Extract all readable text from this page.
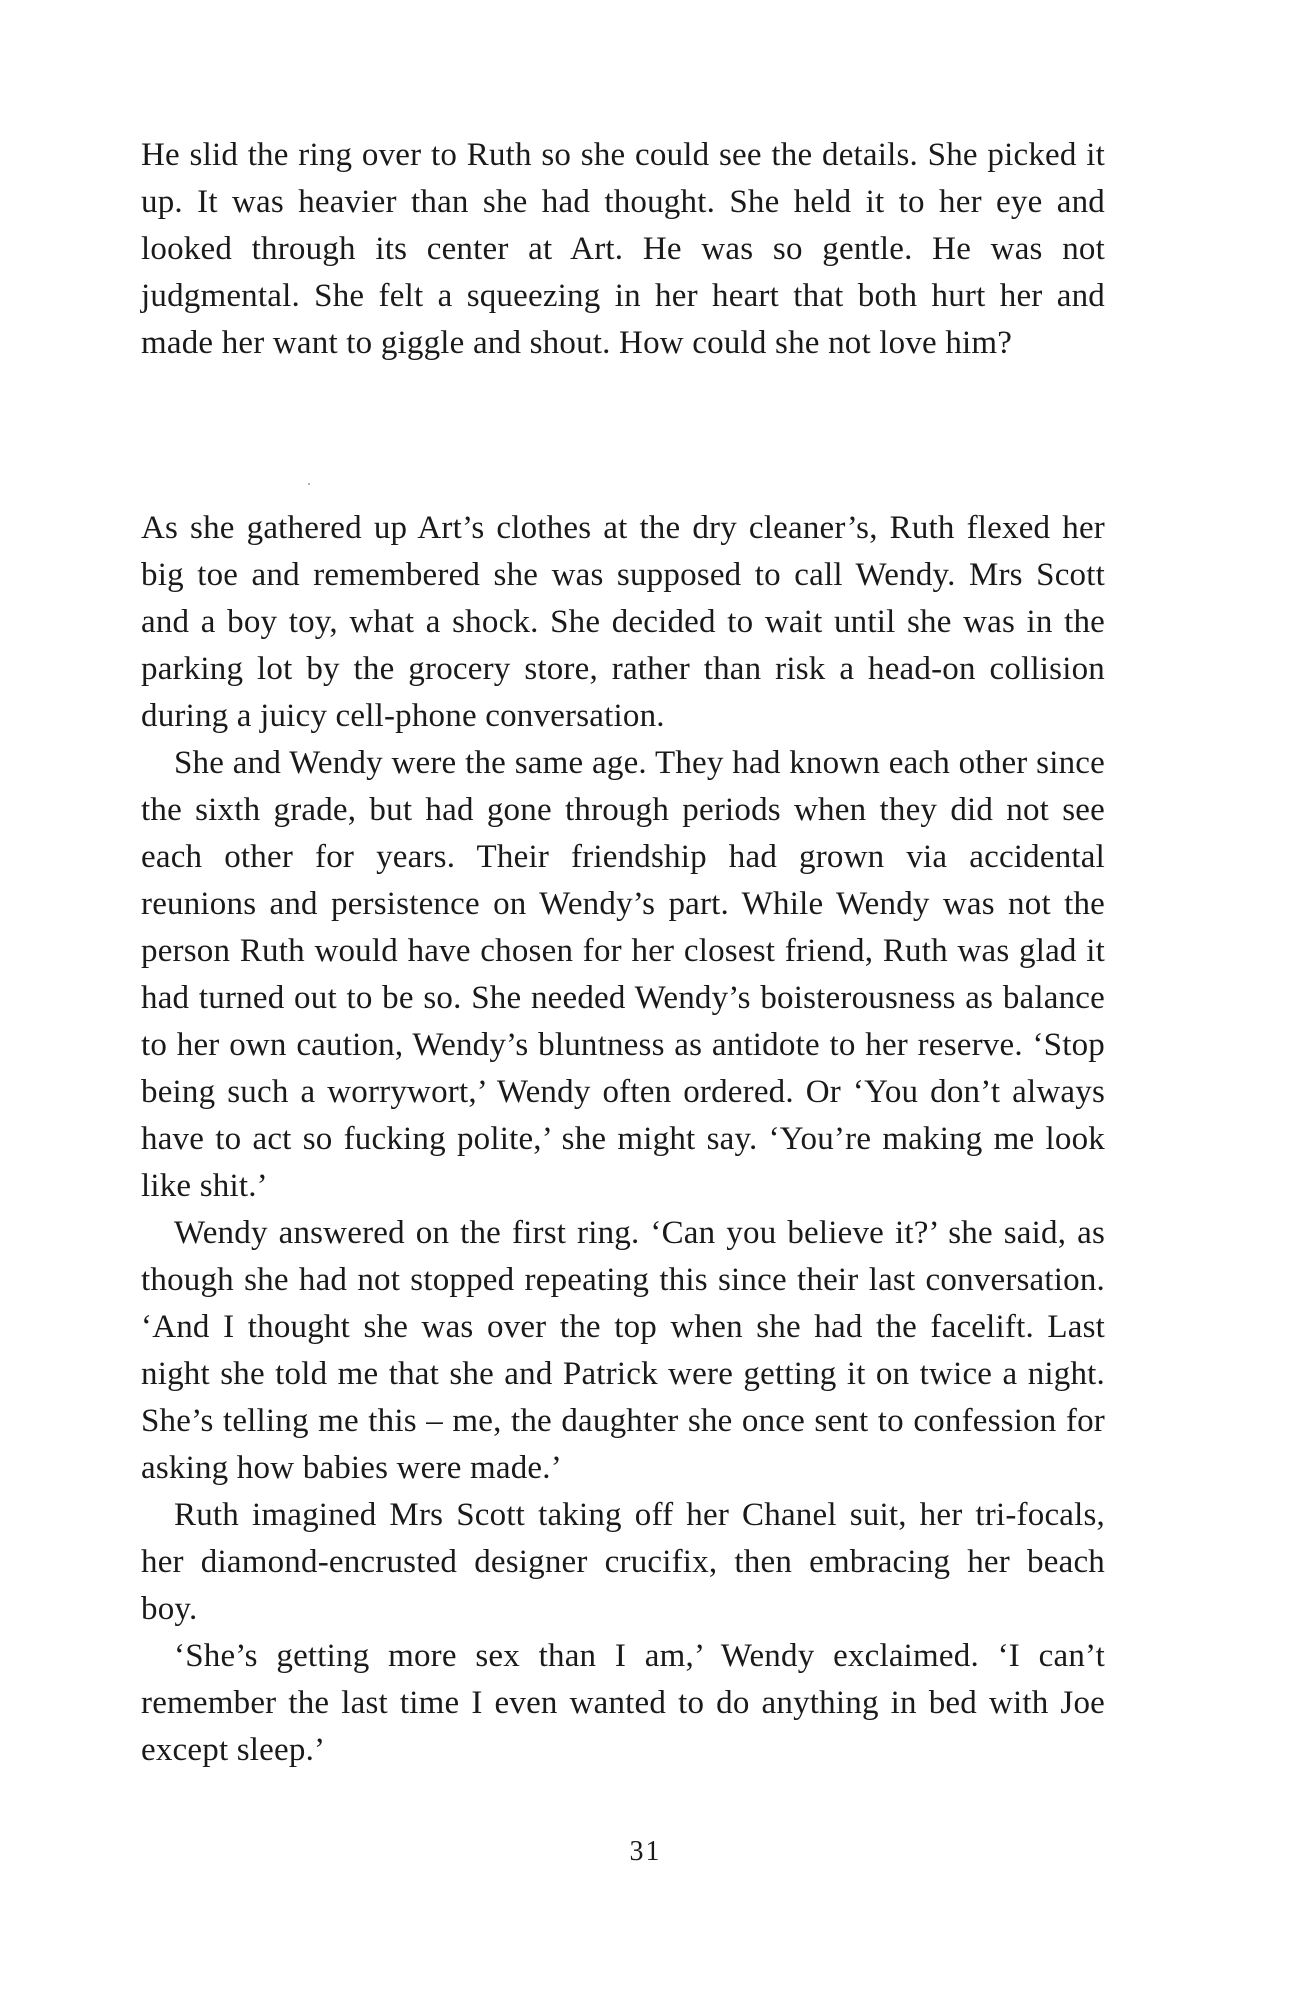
He slid the ring over to Ruth so she could see the details. She picked it up. It was heavier than she had thought. She held it to her eye and looked through its center at Art. He was so gentle. He was not judgmental. She felt a squeezing in her heart that both hurt her and made her want to giggle and shout. How could she not love him?

As she gathered up Art’s clothes at the dry cleaner’s, Ruth flexed her big toe and remembered she was supposed to call Wendy. Mrs Scott and a boy toy, what a shock. She decided to wait until she was in the parking lot by the grocery store, rather than risk a head-on collision during a juicy cell-phone conversation.

She and Wendy were the same age. They had known each other since the sixth grade, but had gone through periods when they did not see each other for years. Their friendship had grown via accidental reunions and persistence on Wendy’s part. While Wendy was not the person Ruth would have chosen for her closest friend, Ruth was glad it had turned out to be so. She needed Wendy’s boisterousness as balance to her own caution, Wendy’s bluntness as antidote to her reserve. ‘Stop being such a worrywort,’ Wendy often ordered. Or ‘You don’t always have to act so fucking polite,’ she might say. ‘You’re making me look like shit.’

Wendy answered on the first ring. ‘Can you believe it?’ she said, as though she had not stopped repeating this since their last conversation. ‘And I thought she was over the top when she had the facelift. Last night she told me that she and Patrick were getting it on twice a night. She’s telling me this – me, the daughter she once sent to confession for asking how babies were made.’

Ruth imagined Mrs Scott taking off her Chanel suit, her tri-focals, her diamond-encrusted designer crucifix, then embracing her beach boy.

‘She’s getting more sex than I am,’ Wendy exclaimed. ‘I can’t remember the last time I even wanted to do anything in bed with Joe except sleep.’

31
